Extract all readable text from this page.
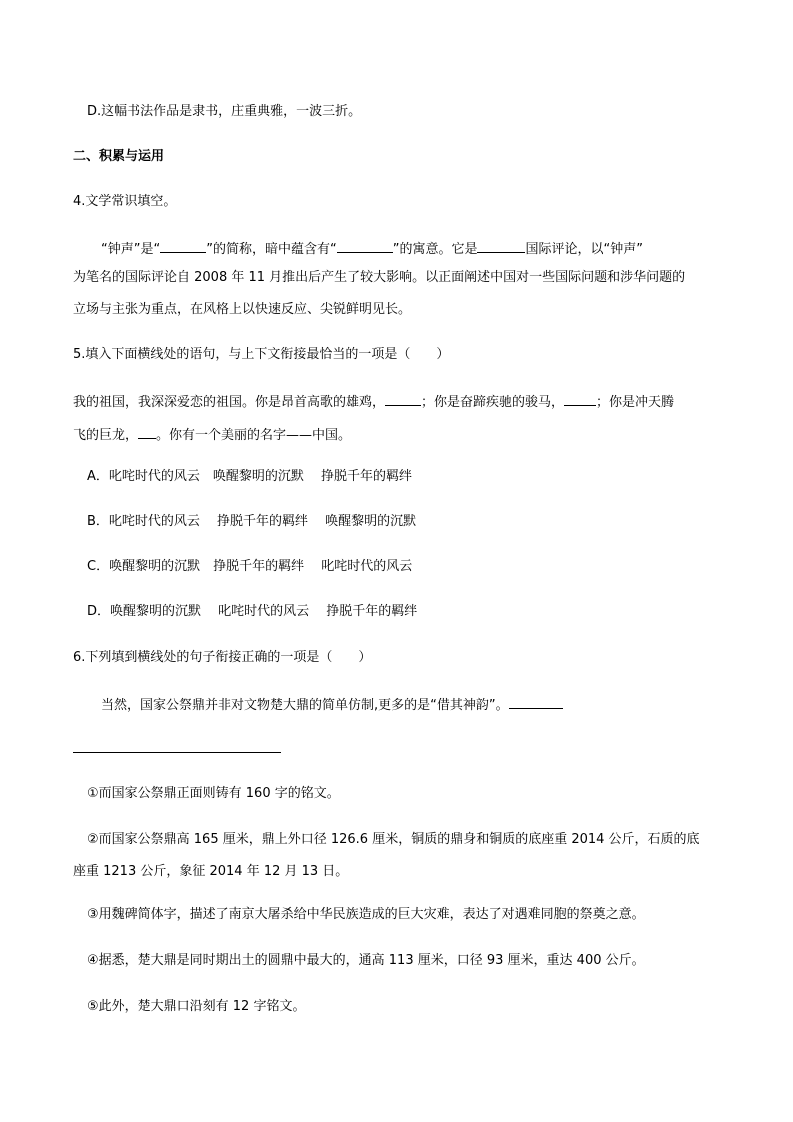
D.这幅书法作品是隶书，庄重典雅，一波三折。
二、积累与运用
4.文学常识填空。
“钟声”是“	”的简称，暗中蕴含有“	”的寓意。它是	国际评论，以“钟声”
为笔名的国际评论自 2008 年 11 月推出后产生了较大影响。以正面阐述中国对一些国际问题和涉华问题的
立场与主张为重点，在风格上以快速反应、尖锐鲜明见长。
5.填入下面横线处的语句，与上下文衔接最恰当的一项是（　　）
我的祖国，我深深爱恋的祖国。你是昂首高歌的雄鸡，	；你是奋蹄疾驰的骏马， ；你是冲天腾
飞的巨龙， 。你有一个美丽的名字——中国。
A．叱咤时代的风云　唤醒黎明的沉默　 挣脱千年的羁绊
B．叱咤时代的风云　 挣脱千年的羁绊　 唤醒黎明的沉默
C．唤醒黎明的沉默　挣脱千年的羁绊　 叱咤时代的风云
D．唤醒黎明的沉默　 叱咤时代的风云　 挣脱千年的羁绊
6.下列填到横线处的句子衔接正确的一项是（　　）
当然，国家公祭鼎并非对文物楚大鼎的简单仿制,更多的是“借其神韵”。
①而国家公祭鼎正面则铸有 160 字的铭文。
②而国家公祭鼎高 165 厘米，鼎上外口径 126.6 厘米，铜质的鼎身和铜质的底座重 2014 公斤，石质的底
座重 1213 公斤，象征 2014 年 12 月 13 日。
③用魏碑简体字，描述了南京大屠杀给中华民族造成的巨大灾难，表达了对遇难同胞的祭奠之意。
④据悉，楚大鼎是同时期出土的圆鼎中最大的，通高 113 厘米，口径 93 厘米，重达 400 公斤。
⑤此外，楚大鼎口沿刻有 12 字铭文。
